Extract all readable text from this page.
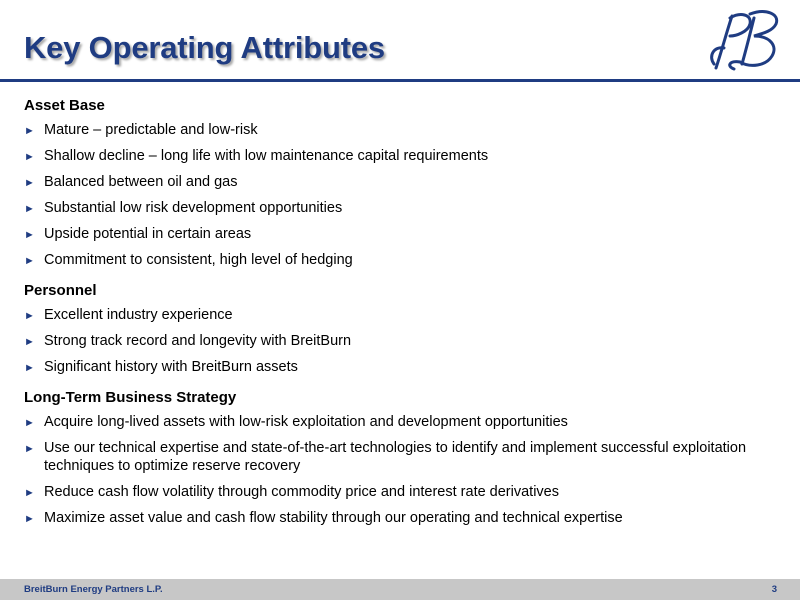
Key Operating Attributes
Asset Base
► Mature – predictable and low-risk
► Shallow decline – long life with low maintenance capital requirements
► Balanced between oil and gas
► Substantial low risk development opportunities
► Upside potential in certain areas
► Commitment to consistent, high level of hedging
Personnel
► Excellent industry experience
► Strong track record and longevity with BreitBurn
► Significant history with BreitBurn assets
Long-Term Business Strategy
► Acquire long-lived assets with low-risk exploitation and development opportunities
► Use our technical expertise and state-of-the-art technologies to identify and implement successful exploitation techniques to optimize reserve recovery
► Reduce cash flow volatility through commodity price and interest rate derivatives
► Maximize asset value and cash flow stability through our operating and technical expertise
BreitBurn Energy Partners L.P.	3
